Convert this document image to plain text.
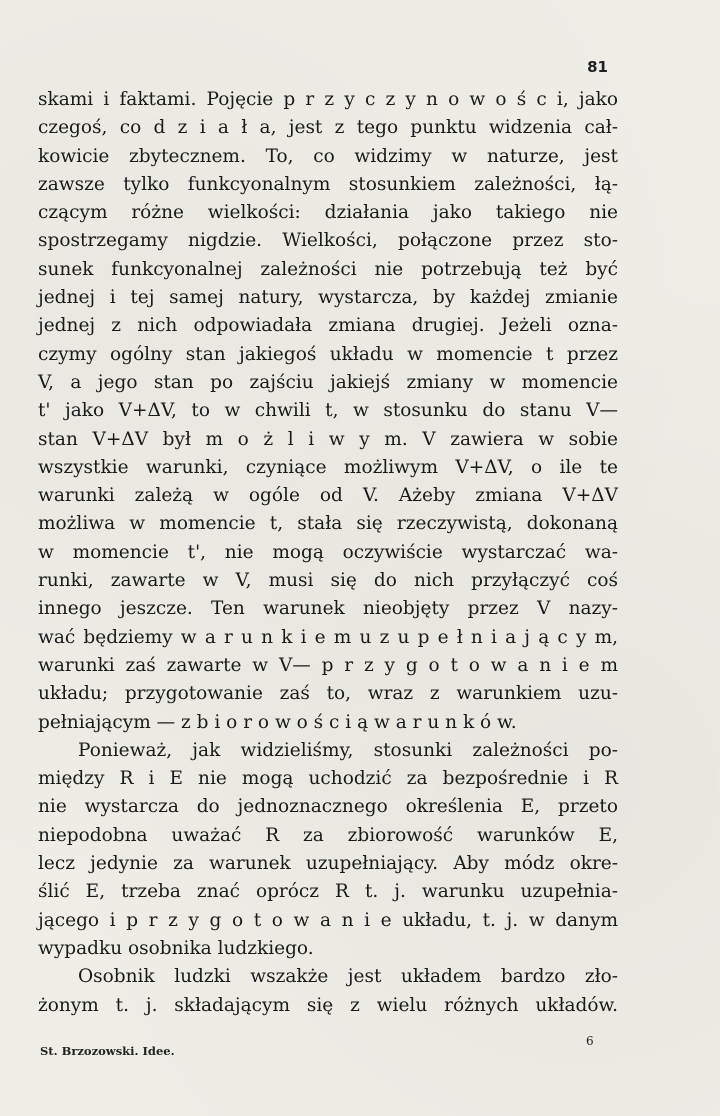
81
skami i faktami. Pojęcie p r z y c z y n o w o ś c i, jako
czegoś, co d z i a ł a, jest z tego punktu widzenia cał-
kowicie zbytecznem. To, co widzimy w naturze, jest
zawsze tylko funkcyonalnym stosunkiem zależności, łą-
czącym różne wielkości: działania jako takiego nie
spostrzegamy nigdzie. Wielkości, połączone przez sto-
sunek funkcyonalnej zależności nie potrzebują też być
jednej i tej samej natury, wystarcza, by każdej zmianie
jednej z nich odpowiadała zmiana drugiej. Jeżeli ozna-
czymy ogólny stan jakiegoś układu w momencie t przez
V, a jego stan po zajściu jakiejś zmiany w momencie
t' jako V+ΔV, to w chwili t, w stosunku do stanu V—
stan V+ΔV był m o ż l i w y m. V zawiera w sobie
wszystkie warunki, czyniące możliwym V+ΔV, o ile te
warunki zależą w ogóle od V. Ażeby zmiana V+ΔV
możliwa w momencie t, stała się rzeczywistą, dokonaną
w momencie t', nie mogą oczywiście wystarczać wa-
runki, zawarte w V, musi się do nich przyłączyć coś
innego jeszcze. Ten warunek nieobjęty przez V nazy-
wać będziemy w a r u n k i e m u z u p e ł n i a j ą c y m,
warunki zaś zawarte w V— p r z y g o t o w a n i e m
układu; przygotowanie zaś to, wraz z warunkiem uzu-
pełniającym — z b i o r o w o ś c i ą w a r u n k ó w.
Ponieważ, jak widzieliśmy, stosunki zależności po-
między R i E nie mogą uchodzić za bezpośrednie i R
nie wystarcza do jednoznacznego określenia E, przeto
niepodobna uważać R za zbiorowość warunków E,
lecz jedynie za warunek uzupełniający. Aby módz okre-
ślić E, trzeba znać oprócz R t. j. warunku uzupełnia-
jącego i p r z y g o t o w a n i e układu, t. j. w danym
wypadku osobnika ludzkiego.
Osobnik ludzki wszakże jest układem bardzo zło-
żonym t. j. składającym się z wielu różnych układów.
St. Brzozowski. Idee.
6
